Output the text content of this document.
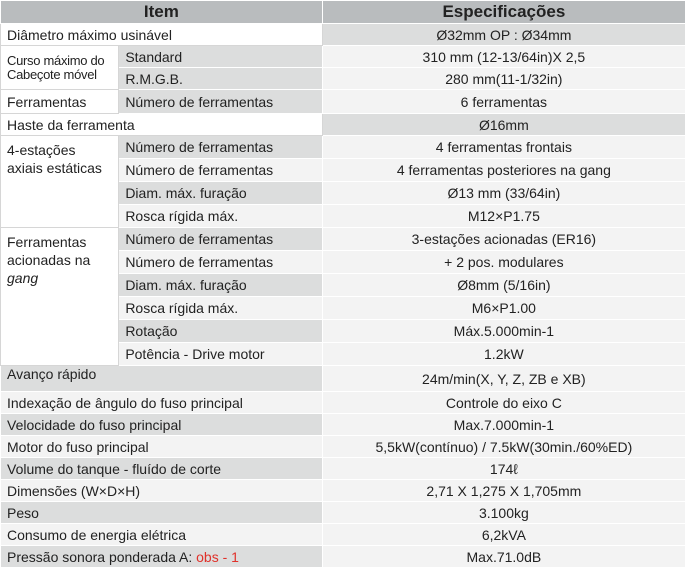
Item		Especificações
Diâmetro máximo usinável		Ø32mm OP : Ø34mm
Curso máximo do Cabeçote móvel	Standard	310 mm (12-13/64in)X 2,5
	R.M.G.B.	280 mm(11-1/32in)
Ferramentas	Número de ferramentas	6 ferramentas
Haste da ferramenta		Ø16mm
4-estações axiais estáticas	Número de ferramentas	4 ferramentas frontais
	Número de ferramentas	4 ferramentas posteriores na gang
	Diam. máx. furação	Ø13 mm (33/64in)
	Rosca rígida máx.	M12×P1.75
Ferramentas acionadas na gang	Número de ferramentas	3-estações acionadas (ER16)
	Número de ferramentas	+ 2 pos. modulares
	Diam. máx. furação	Ø8mm (5/16in)
	Rosca rígida máx.	M6×P1.00
	Rotação	Máx.5.000min-1
	Potência - Drive motor	1.2kW
Avanço rápido		24m/min(X, Y, Z, ZB e XB)
Indexação de ângulo do fuso principal		Controle do eixo C
Velocidade do fuso principal		Max.7.000min-1
Motor do fuso principal		5,5kW(contínuo) / 7.5kW(30min./60%ED)
Volume do tanque - fluído de corte		174ℓ
Dimensões (W×D×H)		2,71 X 1,275 X 1,705mm
Peso		3.100kg
Consumo de energia elétrica		6,2kVA
Pressão sonora ponderada A: obs - 1		Max.71.0dB
